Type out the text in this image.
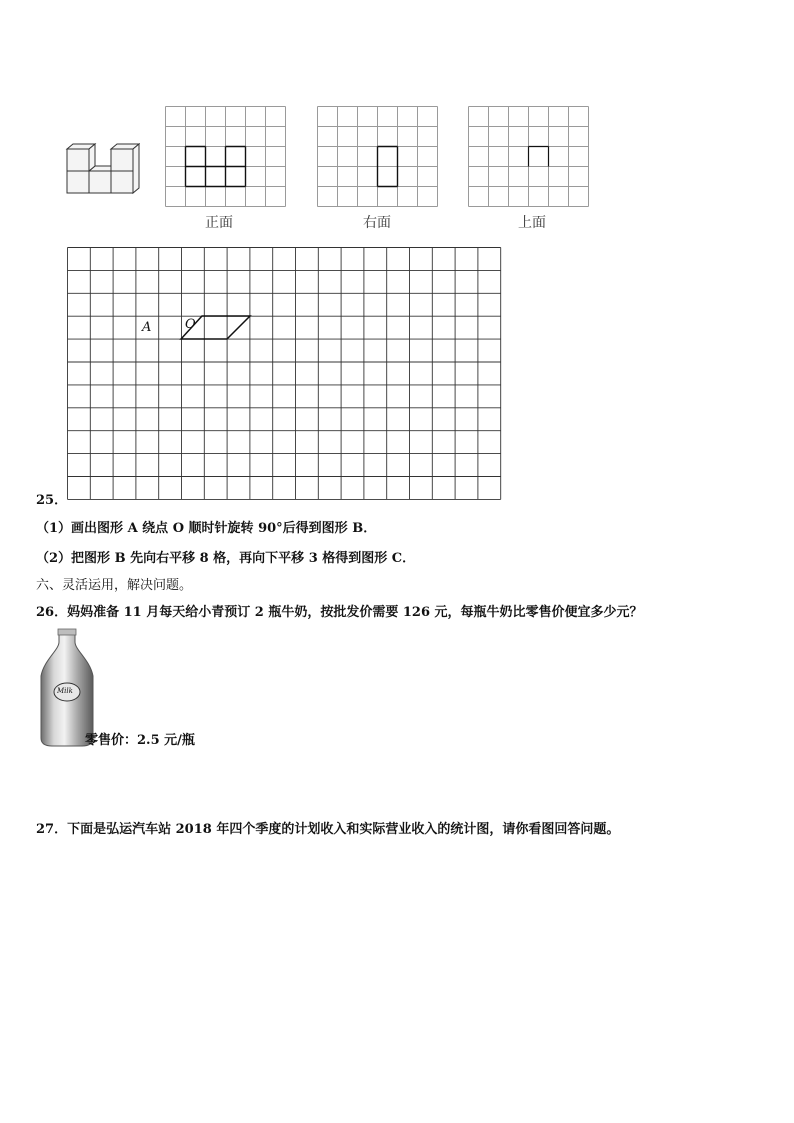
正面	右面	上面
A	O
25．
（1）画出图形 A 绕点 O 顺时针旋转 90°后得到图形 B．
（2）把图形 B 先向右平移 8 格，再向下平移 3 格得到图形 C．
六、灵活运用，解决问题。
26．妈妈准备 11 月每天给小青预订 2 瓶牛奶，按批发价需要 126 元，每瓶牛奶比零售价便宜多少元？
Milk
零售价：2.5 元/瓶
27．下面是弘运汽车站 2018 年四个季度的计划收入和实际营业收入的统计图，请你看图回答问题。
